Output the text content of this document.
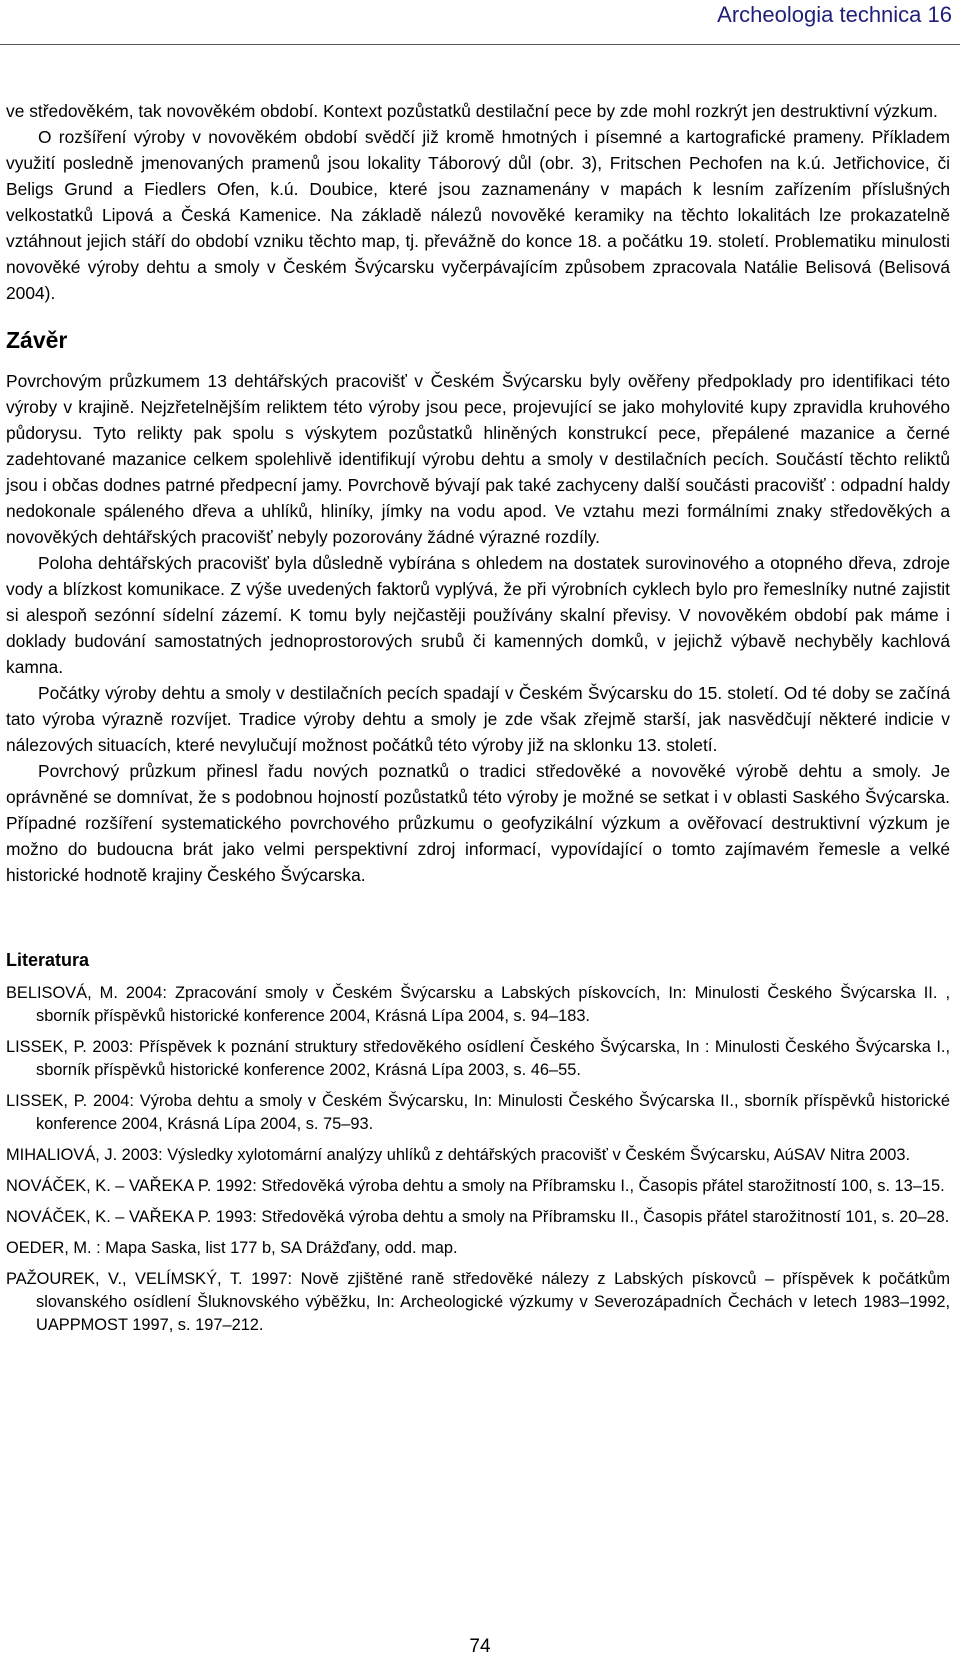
Archeologia technica 16

ve středověkém, tak novověkém období. Kontext pozůstatků destilační pece by zde mohl rozkrýt jen destruktivní výzkum.

O rozšíření výroby v novověkém období svědčí již kromě hmotných i písemné a kartografické prameny. Příkladem využití posledně jmenovaných pramenů jsou lokality Táborový důl (obr. 3), Fritschen Pechofen na k.ú. Jetřichovice, či Beligs Grund a Fiedlers Ofen, k.ú. Doubice, které jsou zaznamenány v mapách k lesním zařízením příslušných velkostatků Lipová a Česká Kamenice. Na základě nálezů novověké keramiky na těchto lokalitách lze prokazatelně vztáhnout jejich stáří do období vzniku těchto map, tj. převážně do konce 18. a počátku 19. století. Problematiku minulosti novověké výroby dehtu a smoly v Českém Švýcarsku vyčerpávajícím způsobem zpracovala Natálie Belisová (Belisová 2004).

Závěr

Povrchovým průzkumem 13 dehtářských pracovišť v Českém Švýcarsku byly ověřeny předpoklady pro identifikaci této výroby v krajině. Nejzřetelnějším reliktem této výroby jsou pece, projevující se jako mohylovité kupy zpravidla kruhového půdorysu. Tyto relikty pak spolu s výskytem pozůstatků hliněných konstrukcí pece, přepálené mazanice a černé zadehtované mazanice celkem spolehlivě identifikují výrobu dehtu a smoly v destilačních pecích. Součástí těchto reliktů jsou i občas dodnes patrné předpecní jamy. Povrchově bývají pak také zachyceny další součásti pracovišť : odpadní haldy nedokonale spáleného dřeva a uhlíků, hliníky, jímky na vodu apod. Ve vztahu mezi formálními znaky středověkých a novověkých dehtářských pracovišť nebyly pozorovány žádné výrazné rozdíly.

Poloha dehtářských pracovišť byla důsledně vybírána s ohledem na dostatek surovinového a otopného dřeva, zdroje vody a blízkost komunikace. Z výše uvedených faktorů vyplývá, že při výrobních cyklech bylo pro řemeslníky nutné zajistit si alespoň sezónní sídelní zázemí. K tomu byly nejčastěji používány skalní převisy. V novověkém období pak máme i doklady budování samostatných jednoprostorových srubů či kamenných domků, v jejichž výbavě nechyběly kachlová kamna.

Počátky výroby dehtu a smoly v destilačních pecích spadají v Českém Švýcarsku do 15. století. Od té doby se začíná tato výroba výrazně rozvíjet. Tradice výroby dehtu a smoly je zde však zřejmě starší, jak nasvědčují některé indicie v nálezových situacích, které nevylučují možnost počátků této výroby již na sklonku 13. století.

Povrchový průzkum přinesl řadu nových poznatků o tradici středověké a novověké výrobě dehtu a smoly. Je oprávněné se domnívat, že s podobnou hojností pozůstatků této výroby je možné se setkat i v oblasti Saského Švýcarska. Případné rozšíření systematického povrchového průzkumu o geofyzikální výzkum a ověřovací destruktivní výzkum je možno do budoucna brát jako velmi perspektivní zdroj informací, vypovídající o tomto zajímavém řemesle a velké historické hodnotě krajiny Českého Švýcarska.

Literatura
BELISOVÁ, M. 2004: Zpracování smoly v Českém Švýcarsku a Labských pískovcích, In: Minulosti Českého Švýcarska II. , sborník příspěvků historické konference 2004, Krásná Lípa 2004, s. 94–183.
LISSEK, P. 2003: Příspěvek k poznání struktury středověkého osídlení Českého Švýcarska, In : Minulosti Českého Švýcarska I., sborník příspěvků historické konference 2002, Krásná Lípa 2003, s. 46–55.
LISSEK, P. 2004: Výroba dehtu a smoly v Českém Švýcarsku, In: Minulosti Českého Švýcarska II., sborník příspěvků historické konference 2004, Krásná Lípa 2004, s. 75–93.
MIHALIOVÁ, J. 2003: Výsledky xylotomární analýzy uhlíků z dehtářských pracovišť v Českém Švýcarsku, AúSAV Nitra 2003.
NOVÁČEK, K. – VAŘEKA P. 1992: Středověká výroba dehtu a smoly na Příbramsku I., Časopis přátel starožitností 100, s. 13–15.
NOVÁČEK, K. – VAŘEKA P. 1993: Středověká výroba dehtu a smoly na Příbramsku II., Časopis přátel starožitností 101, s. 20–28.
OEDER, M. : Mapa Saska, list 177 b, SA Drážďany, odd. map.
PAŽOUREK, V., VELÍMSKÝ, T. 1997: Nově zjištěné raně středověké nálezy z Labských pískovců – příspěvek k počátkům slovanského osídlení Šluknovského výběžku, In: Archeologické výzkumy v Severozápadních Čechách v letech 1983–1992, UAPPMOST 1997, s. 197–212.
74
